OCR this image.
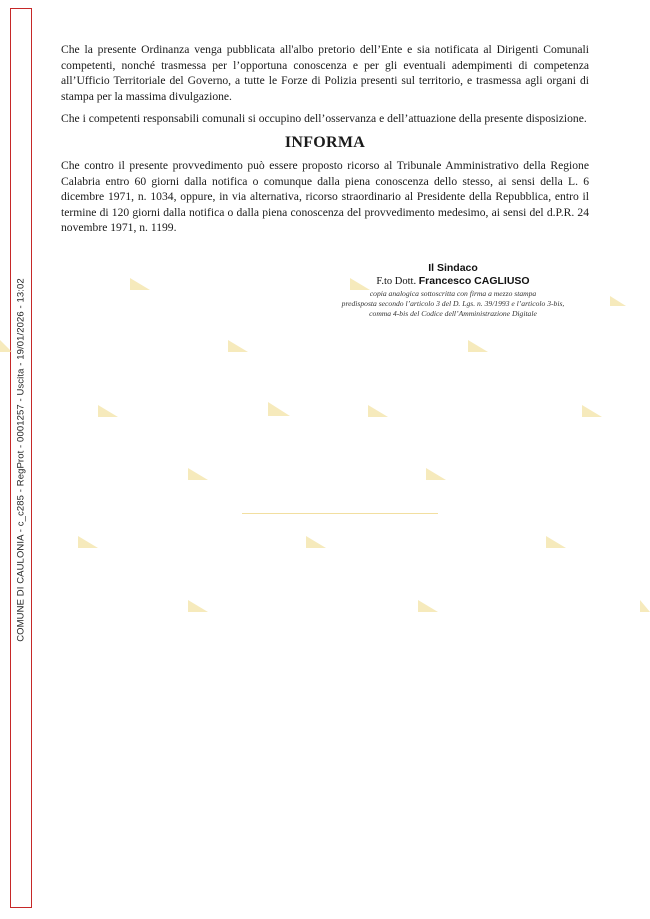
COMUNE DI CAULONIA - c_c285 - RegProt - 0001257 - Uscita - 19/01/2026 - 13:02

Che la presente Ordinanza venga pubblicata all'albo pretorio dell’Ente e sia notificata al Dirigenti Comunali competenti, nonché trasmessa per l’opportuna conoscenza e per gli eventuali adempimenti di competenza all’Ufficio Territoriale del Governo, a tutte le Forze di Polizia presenti sul territorio, e trasmessa agli organi di stampa per la massima divulgazione.

Che i competenti responsabili comunali si occupino dell’osservanza e dell’attuazione della presente disposizione.

INFORMA

Che contro il presente provvedimento può essere proposto ricorso al Tribunale Amministrativo della Regione Calabria entro 60 giorni dalla notifica o comunque dalla piena conoscenza dello stesso, ai sensi della L. 6 dicembre 1971, n. 1034, oppure, in via alternativa, ricorso straordinario al Presidente della Repubblica, entro il termine di 120 giorni dalla notifica o dalla piena conoscenza del provvedimento medesimo, ai sensi del d.P.R. 24 novembre 1971, n. 1199.

Il Sindaco

F.to Dott. Francesco CAGLIUSO

copia analogica sottoscritta con firma a mezzo stampa

predisposta secondo l’articolo 3 del D. Lgs. n. 39/1993 e l’articolo 3-bis,

comma 4-bis del Codice dell’Amministrazione Digitale
